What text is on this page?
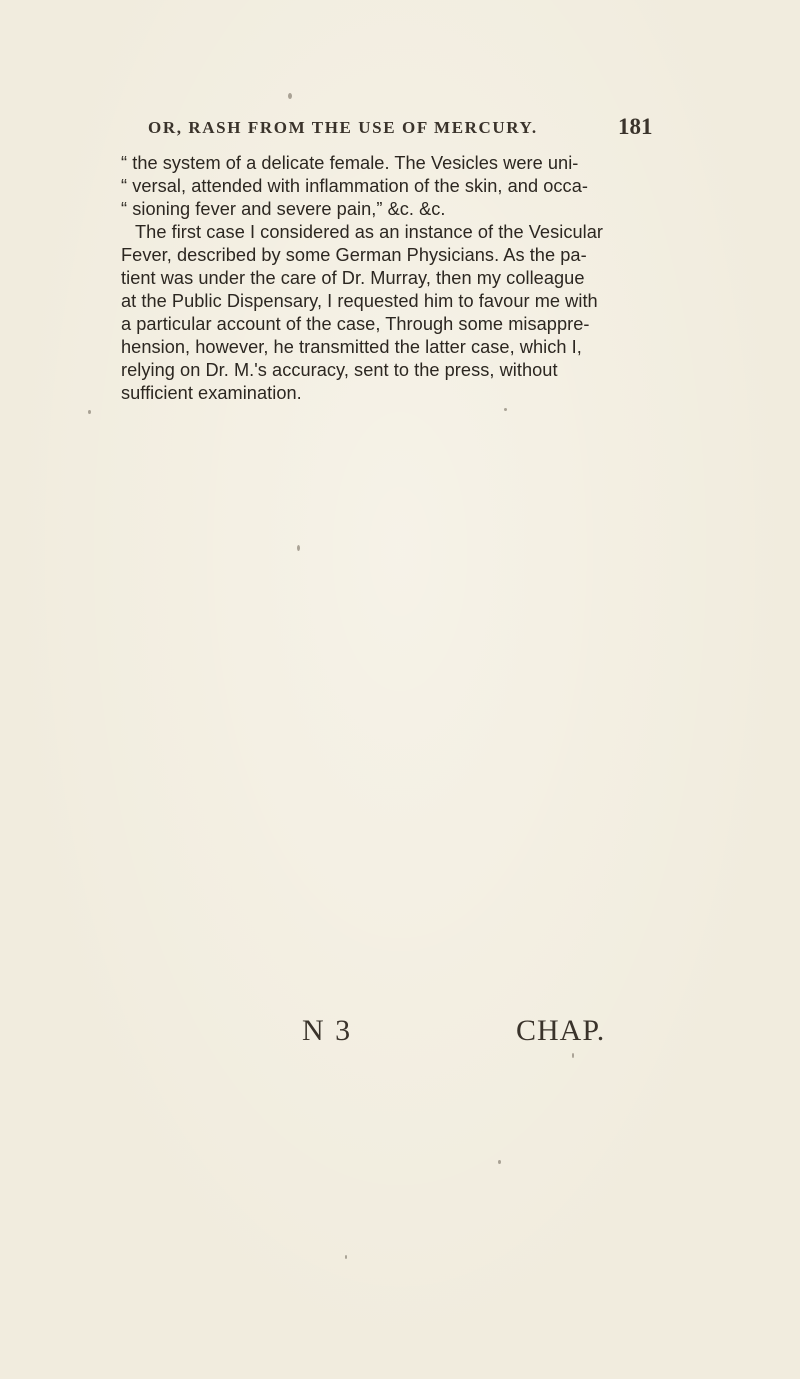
OR, RASH FROM THE USE OF MERCURY.	181
“ the system of a delicate female. The Vesicles were uni-
“ versal, attended with inflammation of the skin, and occa-
“ sioning fever and severe pain,” &c. &c.
The first case I considered as an instance of the Vesicular
Fever, described by some German Physicians. As the pa-
tient was under the care of Dr. Murray, then my colleague
at the Public Dispensary, I requested him to favour me with
a particular account of the case, Through some misappre-
hension, however, he transmitted the latter case, which I,
relying on Dr. M.'s accuracy, sent to the press, without
sufficient examination.
N 3	CHAP.
